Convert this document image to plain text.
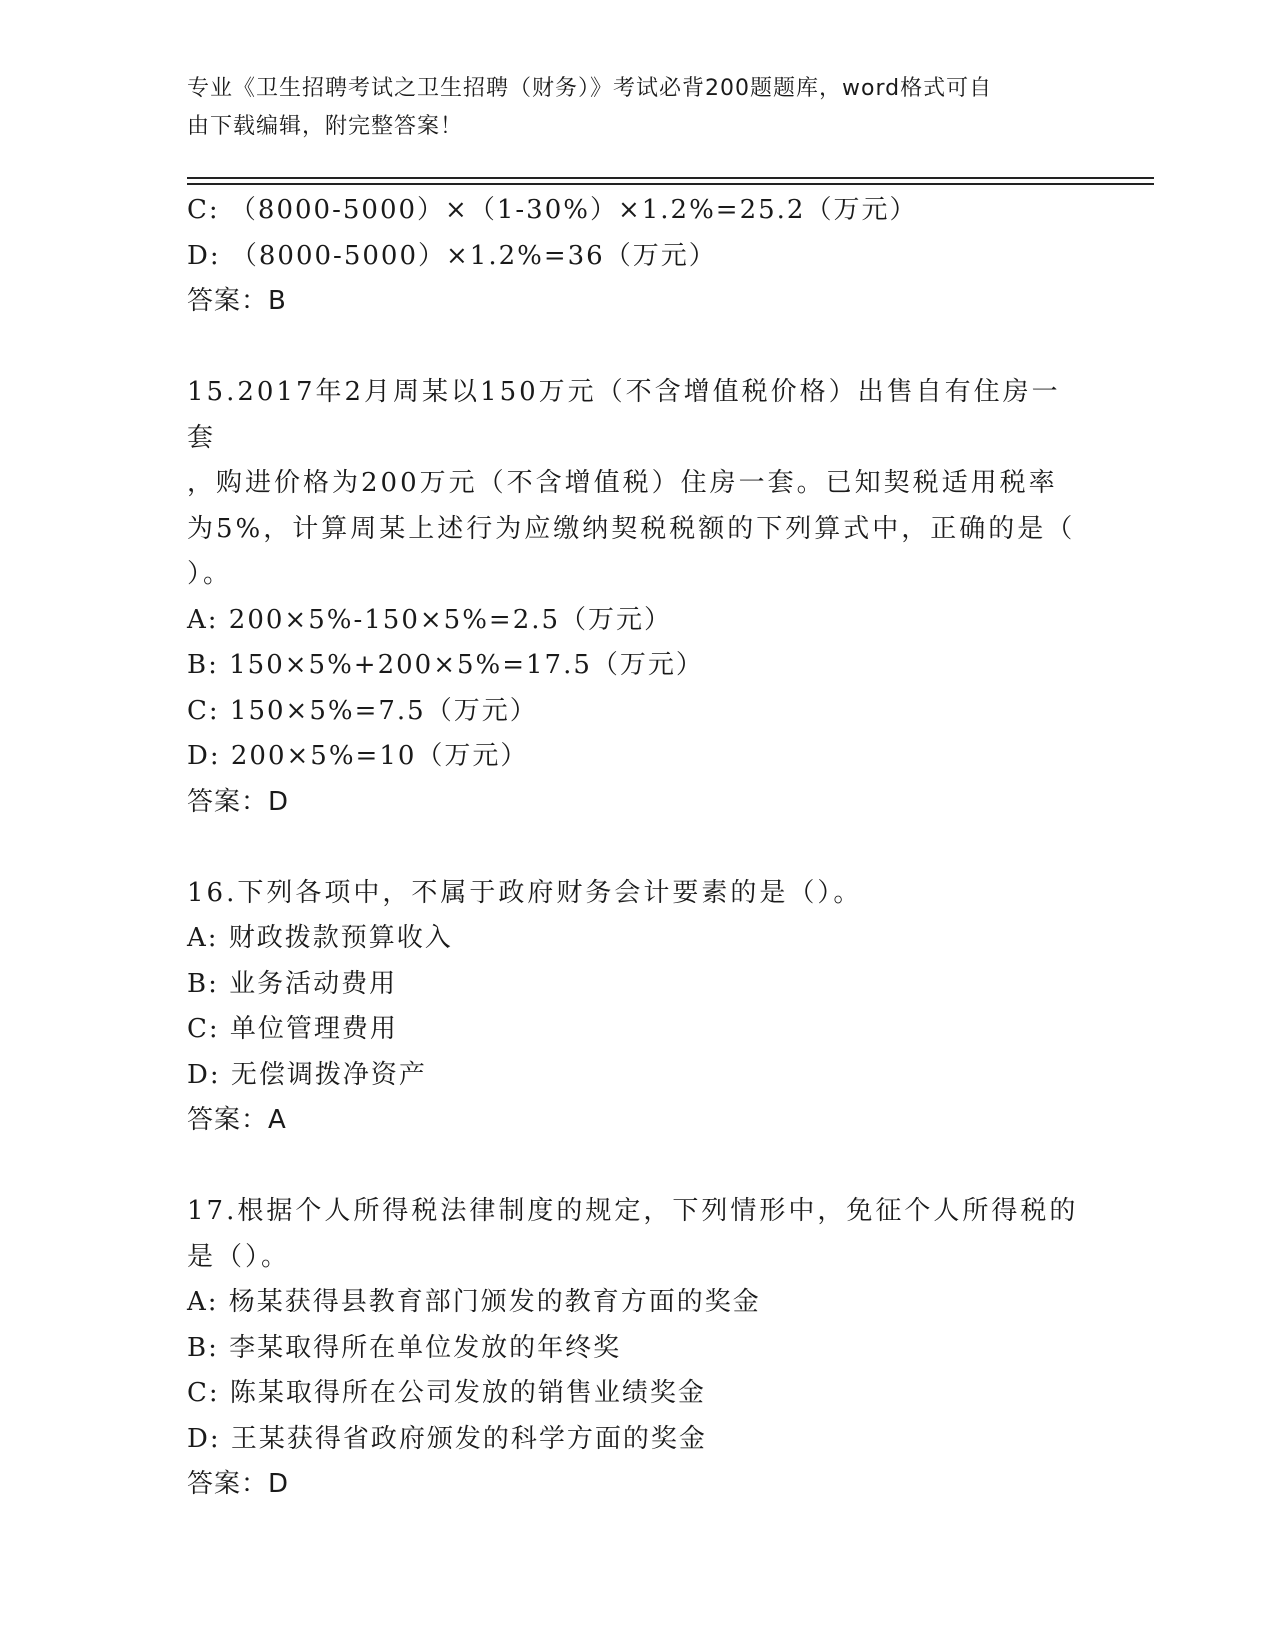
专业《卫生招聘考试之卫生招聘（财务）》考试必背200题题库，word格式可自
由下载编辑，附完整答案！
C: （8000-5000）×（1-30%）×1.2%=25.2（万元）
D: （8000-5000）×1.2%=36（万元）
答案：B
15.2017年2月周某以150万元（不含增值税价格）出售自有住房一套
，购进价格为200万元（不含增值税）住房一套。已知契税适用税率
为5%，计算周某上述行为应缴纳契税税额的下列算式中，正确的是（
）。
A: 200×5%-150×5%=2.5（万元）
B: 150×5%+200×5%=17.5（万元）
C: 150×5%=7.5（万元）
D: 200×5%=10（万元）
答案：D
16.下列各项中，不属于政府财务会计要素的是（）。
A: 财政拨款预算收入
B: 业务活动费用
C: 单位管理费用
D: 无偿调拨净资产
答案：A
17.根据个人所得税法律制度的规定，下列情形中，免征个人所得税的
是（）。
A: 杨某获得县教育部门颁发的教育方面的奖金
B: 李某取得所在单位发放的年终奖
C: 陈某取得所在公司发放的销售业绩奖金
D: 王某获得省政府颁发的科学方面的奖金
答案：D
